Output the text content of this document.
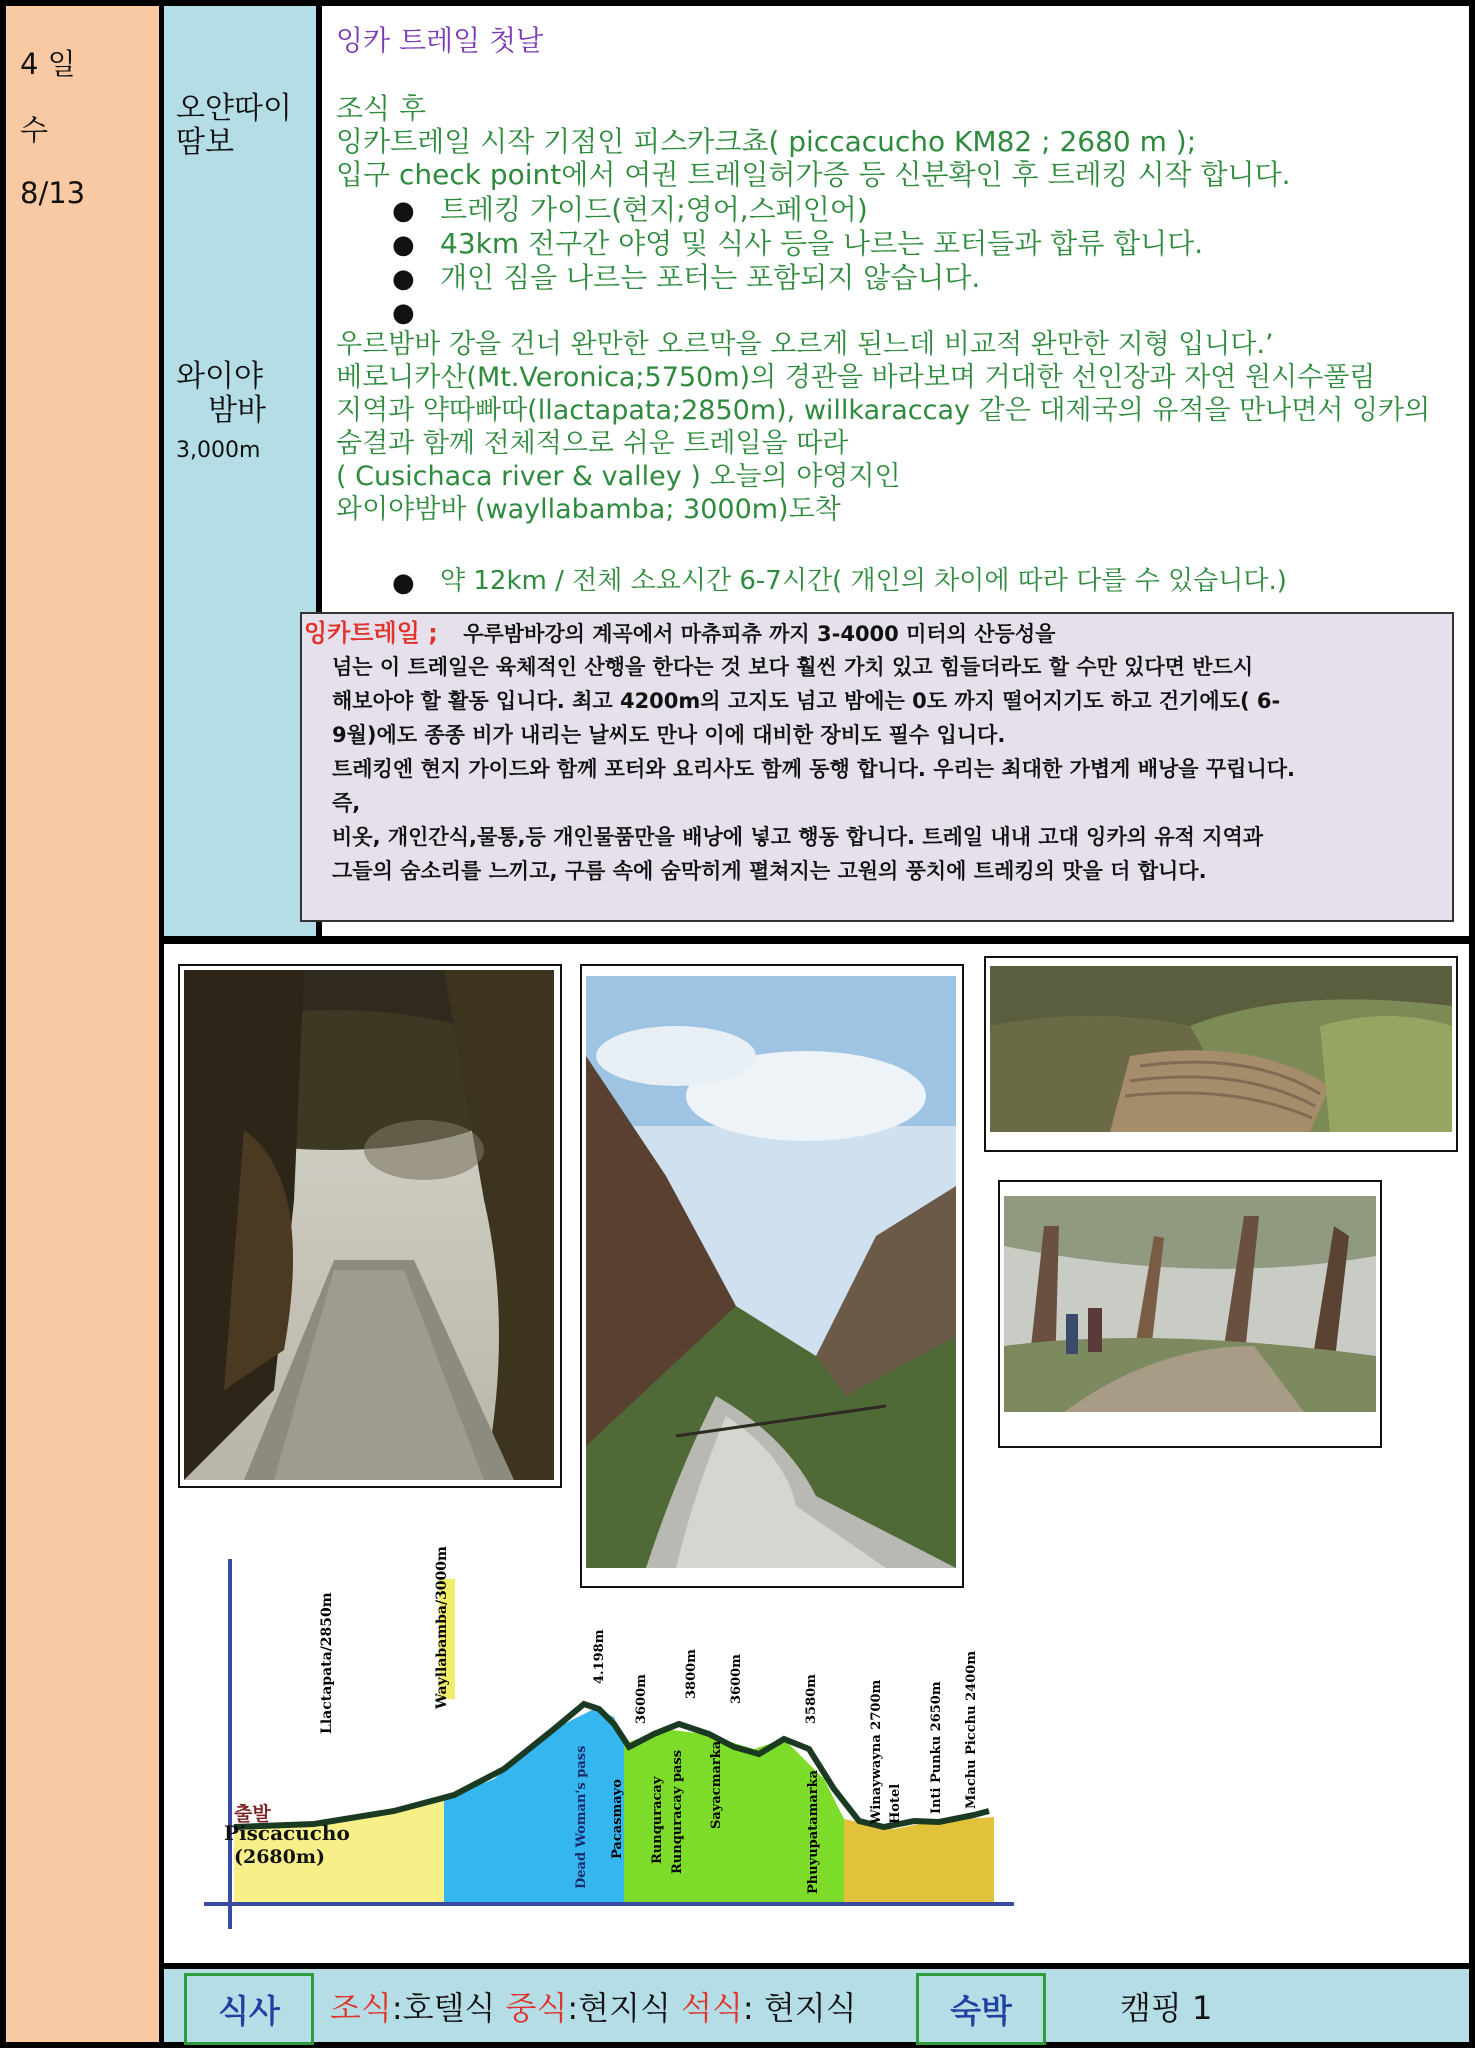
4 일
수
8/13
오얀따이
땀보
와이야
밤바
3,000m
잉카 트레일 첫날
조식 후
잉카트레일 시작 기점인 피스카크쵸( piccacucho KM82 ; 2680 m );
입구 check point에서 여권 트레일허가증 등 신분확인 후 트레킹 시작 합니다.
● 트레킹 가이드(현지;영어,스페인어)
● 43km 전구간 야영 및 식사 등을 나르는 포터들과 합류 합니다.
● 개인 짐을 나르는 포터는 포함되지 않습니다.
●
우르밤바 강을 건너 완만한 오르막을 오르게 된느데 비교적 완만한 지형 입니다.’
베로니카산(Mt.Veronica;5750m)의 경관을 바라보며 거대한 선인장과 자연 원시수풀림
지역과 약따빠따(llactapata;2850m), willkaraccay 같은 대제국의 유적을 만나면서 잉카의
숨결과 함께 전체적으로 쉬운 트레일을 따라
( Cusichaca river & valley ) 오늘의 야영지인
와이야밤바 (wayllabamba; 3000m)도착
● 약 12km / 전체 소요시간 6-7시간( 개인의 차이에 따라 다를 수 있습니다.)
잉카트레일 ; 우루밤바강의 계곡에서 마츄피츄 까지 3-4000 미터의 산등성을
넘는 이 트레일은 육체적인 산행을 한다는 것 보다 훨씬 가치 있고 힘들더라도 할 수만 있다면 반드시
해보아야 할 활동 입니다. 최고 4200m의 고지도 넘고 밤에는 0도 까지 떨어지기도 하고 건기에도( 6-
9월)에도 종종 비가 내리는 날씨도 만나 이에 대비한 장비도 필수 입니다.
트레킹엔 현지 가이드와 함께 포터와 요리사도 함께 동행 합니다. 우리는 최대한 가볍게 배낭을 꾸립니다.
즉,
비옷, 개인간식,물통,등 개인물품만을 배낭에 넣고 행동 합니다. 트레일 내내 고대 잉카의 유적 지역과
그들의 숨소리를 느끼고, 구름 속에 숨막히게 펼쳐지는 고원의 풍치에 트레킹의 맛을 더 합니다.
출발
Piscacucho
(2680m)
Llactapata/2850m	Wayllabamba/3000m
Dead Woman's pass
4.198m
Pacasmayo
3600m
Runquracay Runquracay pass
3800m
Sayacmarka
3600m
Phuyupatamarka
3580m	Winaywayna 2700m Hotel Inti Punku 2650m Machu Picchu 2400m
식사	조식:호텔식 중식:현지식 석식: 현지식	숙박	캠핑 1
